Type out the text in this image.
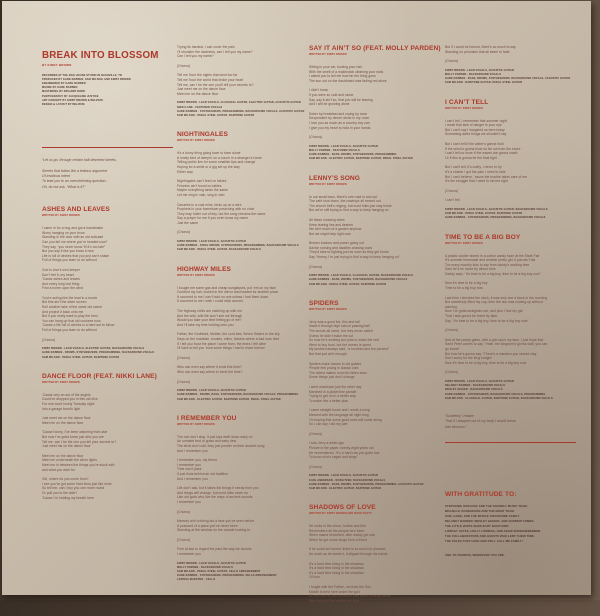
BREAK INTO BLOSSOM
BY KIRBY BROWN
RECORDED AT THE DOG HOUSE STUDIO IN NASHVILLE, TN
PRODUCED BY GABE RABBEN, SAM WILSON, AND KIRBY BROWN
ENGINEERED BY GABE RABBEN
MIXING BY GABE RABBEN
MASTERING BY RICHARD DODD
PHOTOGRAPHY BY JACQUELINE JUSTICE
ART CONCEPT BY KIRBY BROWN & BELVIUM
DESIGN & LAYOUT BY BELVIUM
“Let us go, through certain half-deserted streets,
Streets that follow like a tedious argument
Of insidious intent
To lead you to an overwhelming question...
Oh, do not ask, “What is it?”
ASHES AND LEAVES
WRITTEN BY KIRBY BROWN
I came in for a hug and got a handshake
Worry hanging on your brow
Standing in the door with an old suitcase
Can you tell me where you’re headed now?
They say, “you never know ’til it’s too late”
But you say it like you know it now
Life is full of wishes that you just can’t shake
Full of things you learn to do without
God is love’s own keeper
Don’t fret it, my heart
’Cause ashes and leaves
And every long lost thing
Find a home upon the wind
You’re acting like the lead in a movie
But this ain’t the silver screen
Roll another take of the same old scene
And project it back onto me
But if you really want to play the hero
You can hang up that old costume now
’Cause a life full of wishes is a hard act to follow
Full of things you learn to do without
(Chorus)
KIRBY BROWN - LEAD VOCALS, ELECTRIC GUITAR, BACKGROUND VOCALS
GABE RABBEN - DRUMS, SYNTHESIZERS, PROGRAMMING, BACKGROUND VOCALS
SAM WILSON - PEDAL STEEL GUITAR, BARITONE GUITAR
DANCE FLOOR (FEAT. NIKKI LANE)
WRITTEN BY KIRBY BROWN
’Cause only an act of the angels
Could’ve dropped you in this old dive
For one more lonely Tuesday night
Into a garage band’s light
Just meet me on the dance floor
Meet me on the dance floor
’Cause honey, I’ve been watching from afar
But now I’ve gotta know just who you are
Tell me, can I be the one you tell your secrets to?
Just meet me on the dance floor
Meet me on the dance floor
Meet me underneath the silver lights
Meet me in between the things you’re stuck with
and what you wish for
Girl, where do you come from?
I see you’ve got some hard lines just like mine
So tell me, can I buy you one more round
Or pull you to the side?
’Cause I’m holding my breath here
Trying its hardest, I can cover the pain
I’ll shoulder the darkness, can I tell you my name?
Can I tell you my name?
(Chorus)
Tell me ’bout the nights that went too far
Tell me ’bout the world that broke your heart
Tell me, can I be the one you’ll tell your secrets to?
Just meet me on the dance floor
Meet me on the dance floor
KIRBY BROWN - LEAD VOCALS, CLASSICAL GUITAR, ELECTRIC GUITAR, ACOUSTIC GUITAR
NIKKI LANE - FEATURED VOCALS
GABE RABBEN - SYNTHESIZERS, PROGRAMMING, BACKGROUND VOCALS, ACOUSTIC GUITAR
SAM WILSON - PEDAL STEEL GUITAR, BARITONE GUITAR
NIGHTINGALES
WRITTEN BY KIRBY BROWN
It’s a funny thing going town to town alone
A lonely kind of sleepin’ on a couch in a stranger’s home
Telling poetic lies for some smallish tips and change
Hoping for a smile or a gig set up the way
Either way
Nightingales can’t feed on fables
Felonies ain’t found on tables
Maybe everything lands the same
Let me sing in vain, sing in vain
Canaries in a coal mine, birds up on a wire
Prophets in your hometown preaching with no choir
They may holler out of key, but the song remains the same
Say a prayer for me if you even know my name
Just the same
(Chorus)
KIRBY BROWN - LEAD VOCALS, ACOUSTIC GUITAR
GABE RABBEN - STEEL DRUMS, SYNTHESIZERS, PROGRAMMING, BACKGROUND VOCALS
SAM WILSON - PEDAL STEEL GUITAR, BACKGROUND VOCALS
HIGHWAY MILES
WRITTEN BY KIRBY BROWN
I bought me some gas and cheap sunglasses, put ’em on my face
Combed my hair, looked in the mirror and headed for another place
It occurred to me I can’t hold no one unless I had them down
It occurred to me I wish I could stick around
The highway miles are catching up with me
And the wild, wild life won’t see me through
Would you take your time letting go of me?
And I’ll take my time holding onto you
Father, the Godhead, Mother, the cord bed, Seven Sisters in the sky
Days on the roadside, houses, miles, flowers where a bad man died
If I tell you ’bout the place I come from, the times I felt alive
I’ll have to tell you ’bout some things I had to leave behind
(Chorus)
Who can even say where it ends this time?
Who can even say where to bend the time?
(Chorus)
KIRBY BROWN - LEAD VOCALS, ACOUSTIC GUITAR
GABE RABBEN - DRUMS, BASS, SYNTHESIZERS, BACKGROUND VOCALS, PROGRAMMING
SAM WILSON - ELECTRIC GUITAR, BARITONE GUITAR, PEDAL STEEL GUITAR
I REMEMBER YOU
WRITTEN BY KIRBY BROWN
The rain don’t stop, it just lays itself down early on
An unmade bed of grass and early dew
The birds don’t call, they just ponder on their ancient song
And I remember you
I remember you, my friend
I remember you
Time won’t pass
It just finds behind an old tradition
And I remember you
Life don’t ask, but it takes the things it needs from you
And things will change, but most folks never do
Like old gods who live the ways of ancient sounds
I remember you
(Chorus)
Memory ain’t nothing but a face you’ve seen before
A postcard of a place you’ve never been
Standing at the window on the outside looking in
(Chorus)
Free at last to regard the past the way we choose
I remember you
KIRBY BROWN - LEAD VOCALS, ACOUSTIC GUITAR
MOLLY PARDEN - BACKGROUND VOCALS
SAM WILSON - PEDAL STEEL GUITAR, CELLO ARRANGEMENT
GABE RABBEN - SYNTHESIZERS, PROGRAMMING, CELLO ARRANGEMENT
LARISSA MAESTRO - CELLO
SAY IT AIN’T SO (FEAT. MOLLY PARDEN)
WRITTEN BY KIRBY BROWN
Sitting in your car, tucking your hair
With the smell of a matchstick cleaning your nails
I asked you to tell me how far the thing goes
The sun out on the dashboard was fading red alone
I didn’t know
If you were so cold and stone
Say, say it ain’t so, that you will be leaving
And I will be growing alone
Sober by breakfast and crying by noon
Despondent by dinner alone in my room
I love you as much as a country boy can
I give you my heart to hold in your hands
(Chorus)
KIRBY BROWN - LEAD VOCALS, ACOUSTIC GUITAR
MOLLY PARDEN - FEATURED VOCALS
GABE RABBEN - BASS, DRUMS, SYNTHESIZERS, PROGRAMMING
SAM WILSON - ELECTRIC GUITAR, BARITONE GUITAR, PEDAL STEEL GUITAR
LENNY’S SONG
WRITTEN BY KIRBY BROWN
In our small town, there’s one road in and out
The café shut down, the cowboys all moved out
The church bell’s ringing, but most folks just stay home
But we’re still trying to find a way to keep hanging on
All these crossing wires
Keep tearing lies and desires
We ain’t much of a garden anyhow
But we might help right now
Broken tractors and power going out
Advice nursing and daddies chasing cows
They’d take to fighting just as soon as they get home
Say “Honey, I’m just trying to find a way to keep hanging on”
(Chorus)
KIRBY BROWN - LEAD VOCALS, CLASSICAL GUITAR, BACKGROUND VOCALS
GABE RABBEN - BASS, DRUMS, SYNTHESIZERS, BACKGROUND VOCALS
SAM WILSON - PEDAL STEEL GUITAR, BARITONE GUITAR
SPIDERS
WRITTEN BY KIRBY BROWN
Jerry was a good kid, thin and tall
Made it through high school passing ball
The scouts all came, but they never called
Guess he didn’t make the cut
So now he’s working two jobs to make the rent
Went to buy food, but the money is spent
My landlord always said, “a hundred and ten percent”
But that just ain’t enough
Spiders make homes in old guitars
People feel young in classic cars
The oldest makes room for fallen stars
Some things just don’t change
I went downtown just the other day
Marched in a picket line parade
Trying to get on to a better way
To make this a better plan
I came straight home and I wrote a song
Messed with the language all night long
I’m hoping that some good ones will come along
So I can say I did my part
(Chorus)
I saw Jerry a week ago
Picture in the paper, twenty-eight years old
He remembered, “It’s a hard row you gotta hoe
To know who’s caged and sings”
(Chorus)
KIRBY BROWN - LEAD VOCALS, ACOUSTIC GUITAR
CARL ANDERSON - WURLITZER, BACKGROUND VOCALS
GABE RABBEN - BASS, DRUMS, SYNTHESIZERS, PROGRAMMING, ACOUSTIC GUITAR
SAM WILSON - ELECTRIC GUITAR, BARITONE GUITAR
SHADOWS OF LOVE
WRITTEN BY KIRBY BROWN AND ROSS SCOTT
He looks in the mirror, hollow and thin
Remembers all the people he’s been
When mama remarried, after daddy got sick
When he got some drugs from a friend
If he could be honest, there is so much he planned
As much as he wants it, it slipped through his hands
It’s a hard time living in the shadows
It’s a hard time living in the shadows
It’s a hard time living in the shadows
Of love
I fought with the Father, ran from the Son
Middle is best here under the gun
All my time on that mountain was spent missing below
Been living in the middle too long
But if I could be honest, there’s so much to say
Standing on promises that all seem to fade
(Chorus)
KIRBY BROWN - LEAD VOCALS, ACOUSTIC GUITAR
MOLLY PARDEN - BACKGROUND VOCALS
GABE RABBEN - BASS, DRUMS, SYNTHESIZERS, BACKGROUND VOCALS, ACOUSTIC GUITAR
SAM WILSON - BARITONE GUITAR, PEDAL STEEL GUITAR
I CAN’T TELL
WRITTEN BY KIRBY BROWN
I can’t tell, I remember that summer night
I recall that lack of danger in your eye
But I can’t say I imagined us here today
Screaming awful things we shouldn’t say
But I can’t tell if the water’s gonna hold
If the wind is gonna blow us far out from the shore
I can’t tell no more if the waves are gonna crash
Or if this is gonna be the final fight
But I can’t tell, it’s crafty, I never to try
It’s a shame I got the pain I need to hide
But I can’t believe, ’cause the trouble takes care of me
It’s the struggle that I need to set me right
(Chorus)
I can’t tell
KIRBY BROWN - LEAD VOCALS, ACOUSTIC GUITAR, BACKGROUND VOCALS
SAM WILSON - PEDAL STEEL GUITAR, BARITONE GUITAR
GABE RABBEN - SYNTHESIZERS, PROGRAMMING, BACKGROUND VOCALS
TIME TO BE A BIG BOY
WRITTEN BY KIRBY BROWN
A plastic soldier stored in a cotton candy haze at the State Fair
It’s summer lemonade and another pretty girl, it just ain’t fair
Too many mouthy kids to say from daddy’s working time
Said he’d be home by dinner time
Daddy says, “It’s time to be a big boy, time to be a big boy now”
Now it’s time to be a big boy
Time to be a big boy now
Last time I checked the clock, it was only one o’clock in the morning
But somebody filled my cup, then the sun was coming up without
warning
Now I’ve gotta straighten out, and plus I find my gal
That I was gonna be home by later
Say, “It’s time to be a big boy, time to be a big boy now”
(Chorus)
And at the pearly gates, with a grin upon my face, I just hope that
Saint Peter comes to say, “Yeah, the kingdom’s gonna wait, you can
go inside”
But how he’s gonna say, “There’s a mansion you should stay
Don’t worry for the king tonight”
Now it’s time to be a big boy, time to be a big boy now
(Chorus)
KIRBY BROWN - LEAD VOCALS, ACOUSTIC GUITAR
DELANEY BARBER - BACKGROUND VOCALS
WESLEY GEIGER - BACKGROUND VOCALS
GABE RABBEN - SYNTHESIZERS, BACKGROUND VOCALS, PROGRAMMING
SAM WILSON - CLASSICAL GUITAR, BARITONE GUITAR, BACKGROUND VOCALS
“Suddenly I realize
That if I stepped out of my body I would break
Into blossom.”
WITH GRATITUDE TO:
STEPHANIE HUDACEK AND THE SOUNDLY MUSIC TEAM.
MICHELLE CONDGESON AND THE MGMT TEAM.
SAM, GABE, AND THE WHOLE GOODSHINE FAMILY.
DELANEY BARBER, WESLEY GEIGER, AND ANDREW COMBS.
THE LITTLE WHITE SHED IN MY BACKYARD.
LINDSAY HAYES, HOLLY LOWMAN, AND ADAM SENSENBRENNER.
THE COLLABORATORS AND GUESTS WHO LENT THEIR TIME.
THE FOLKS THAT HAVE AND STILL CALL ME FAMILY!
AND TO FEHRION, WHEREVER YOU ARE.
